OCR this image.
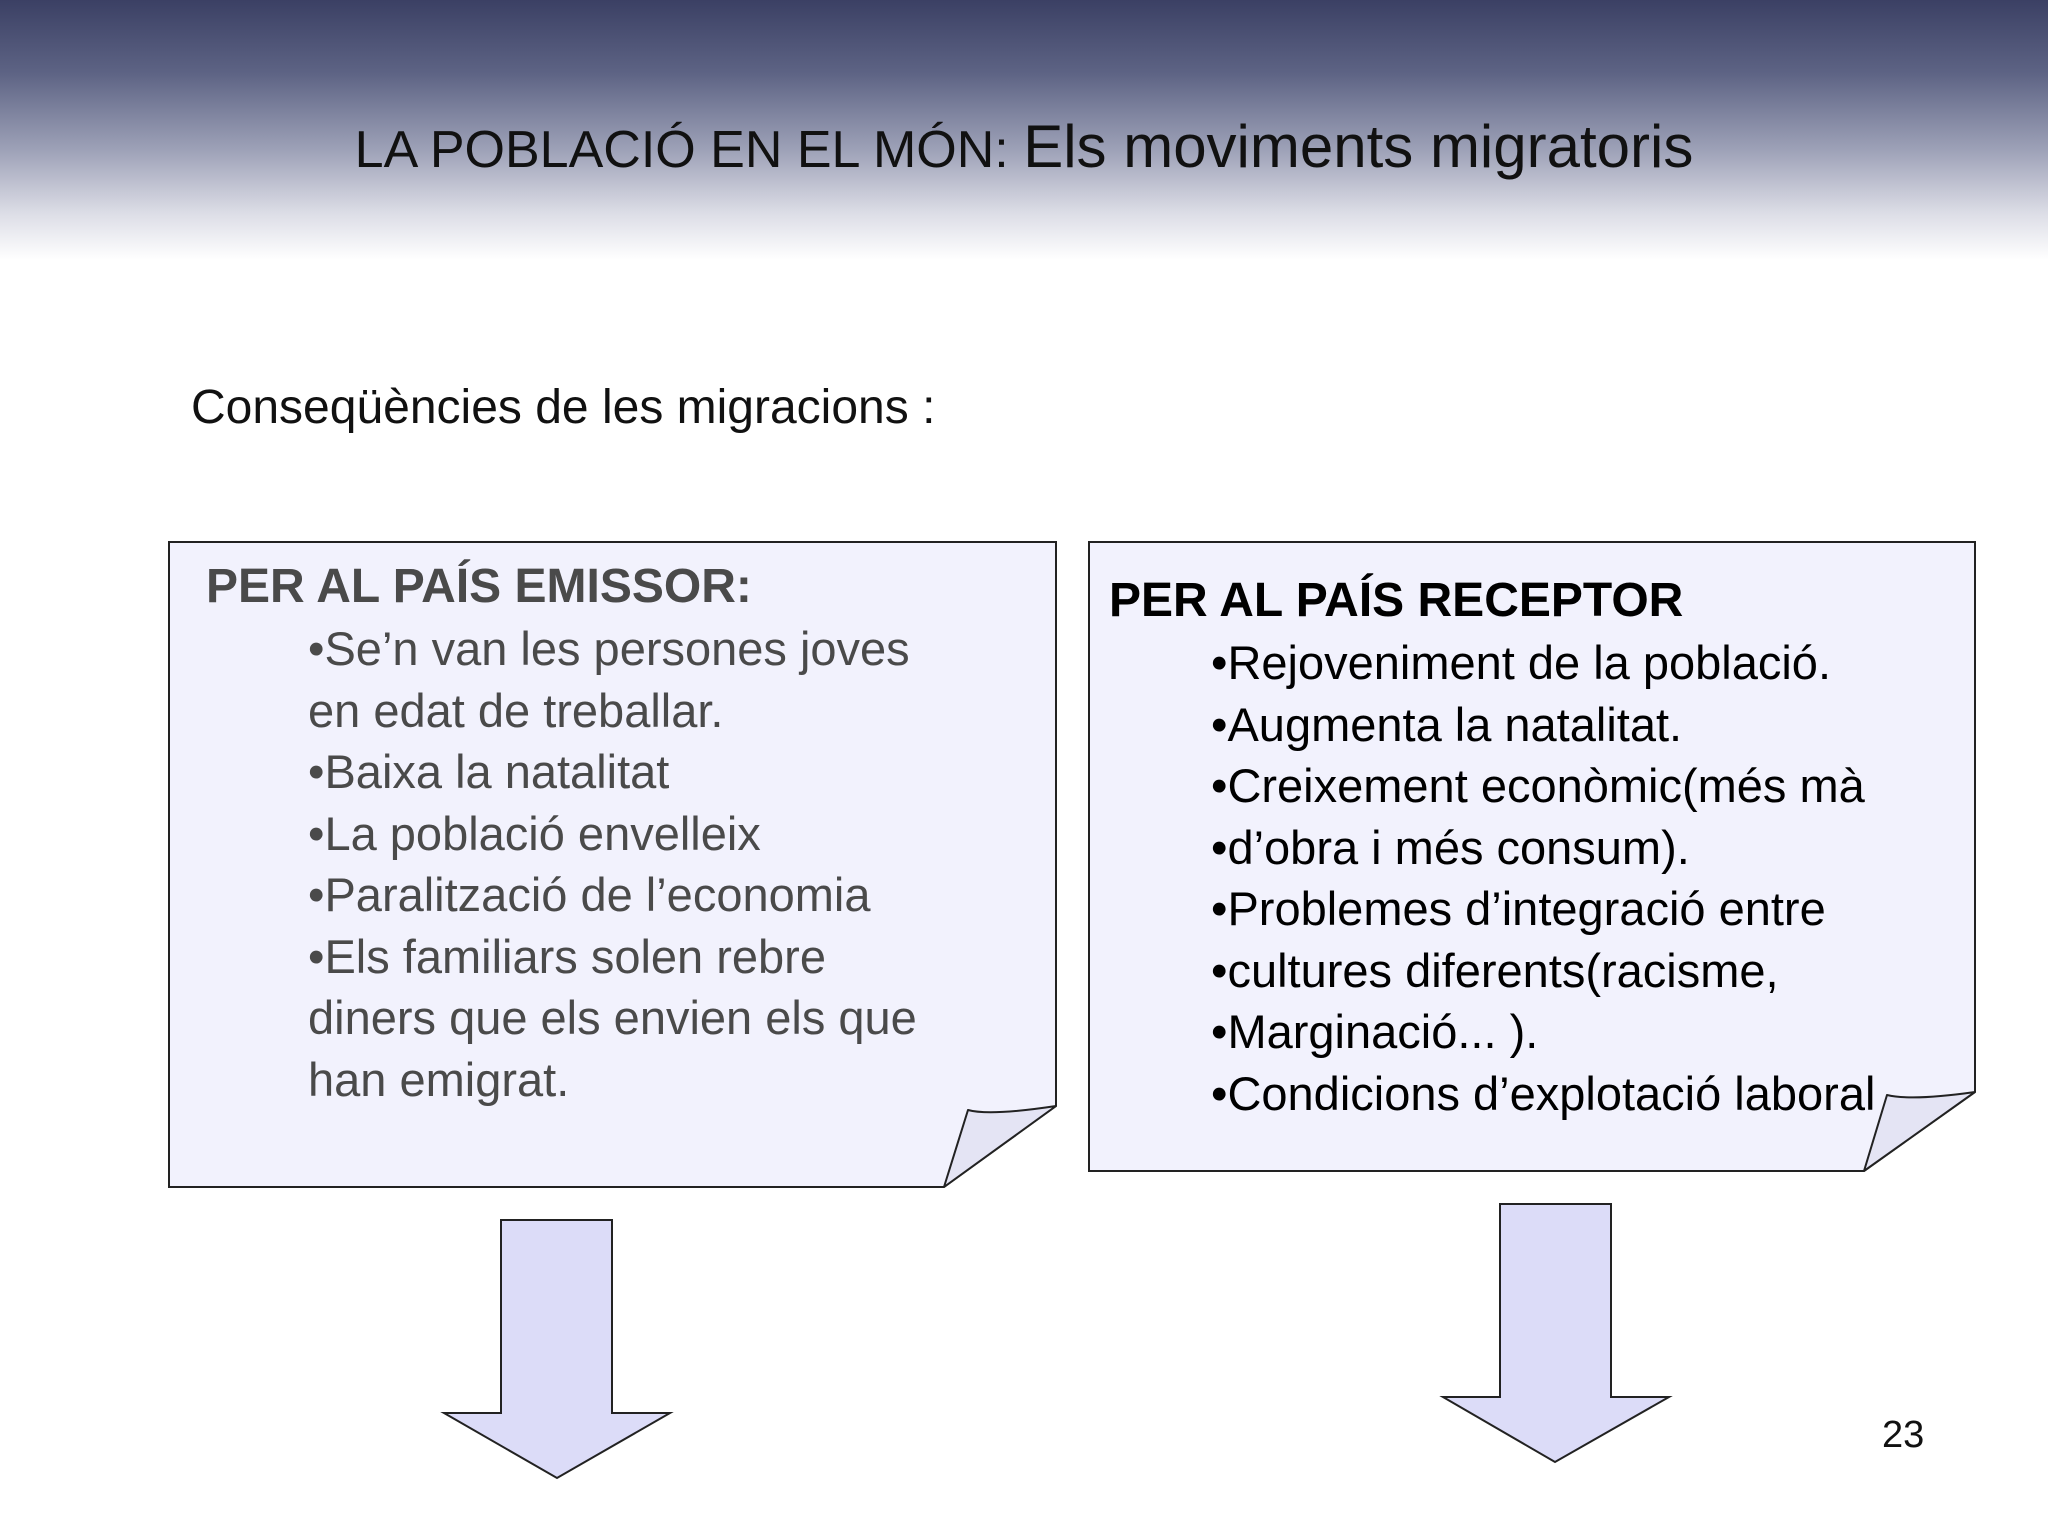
LA POBLACIÓ EN EL MÓN: Els moviments migratoris
Conseqüències de les migracions :
PER AL PAÍS EMISSOR:
•Se’n van les persones joves
en edat de treballar.
•Baixa la natalitat
•La població envelleix
•Paralització de l’economia
•Els familiars solen rebre
diners que els envien els que
han emigrat.
PER AL PAÍS RECEPTOR
•Rejoveniment de la població.
•Augmenta la natalitat.
•Creixement econòmic(més mà
•d’obra i més consum).
•Problemes d’integració entre
•cultures diferents(racisme,
•Marginació... ).
•Condicions d’explotació laboral
23
